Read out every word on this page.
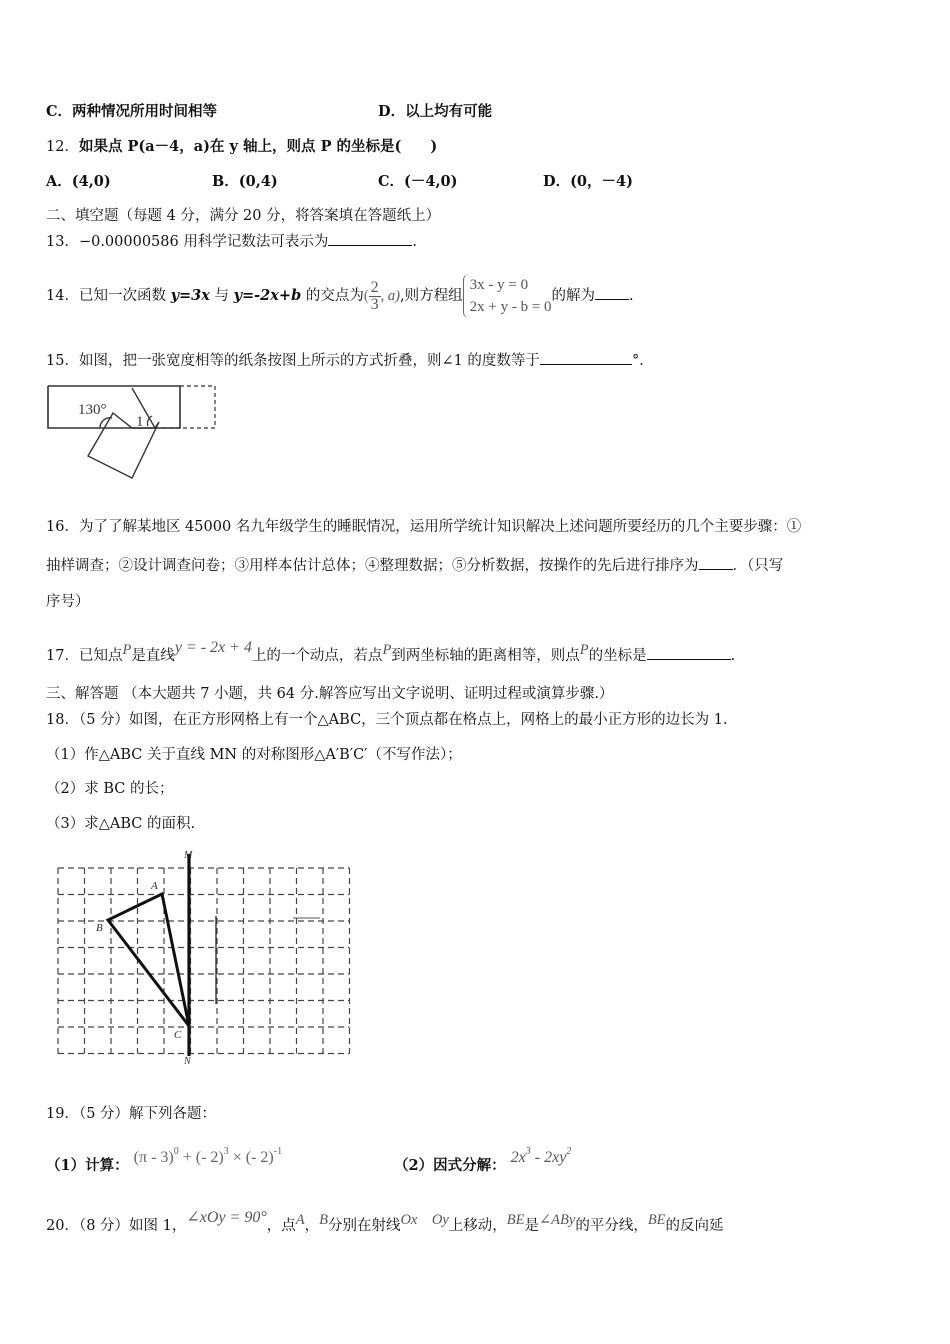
C．两种情况所用时间相等	D．以上均有可能
12．如果点 P(a－4，a)在 y 轴上，则点 P 的坐标是(　　)
A．(4,0)	B．(0,4)	C．(－4,0)	D．(0，－4)
二、填空题（每题 4 分，满分 20 分，将答案填在答题纸上）
13．−0.00000586 用科学记数法可表示为	.
14．已知一次函数 y=3x 与 y=-2x+b 的交点为( $\frac{2}{3}$ , a),则方程组
3x - y = 0
2x + y - b = 0
的解为 .
15．如图，把一张宽度相等的纸条按图上所示的方式折叠，则∠1 的度数等于	°．
130°
1
16．为了了解某地区 45000 名九年级学生的睡眠情况，运用所学统计知识解决上述问题所要经历的几个主要步骤：①
抽样调查；②设计调查问卷；③用样本估计总体；④整理数据；⑤分析数据，按操作的先后进行排序为 ．（只写
序号）
17．已知点P是直线y = - 2x + 4上的一个动点，若点P到两坐标轴的距离相等，则点P的坐标是	.
三、解答题 （本大题共 7 小题，共 64 分.解答应写出文字说明、证明过程或演算步骤.）
18．（5 分）如图，在正方形网格上有一个△ABC，三个顶点都在格点上，网格上的最小正方形的边长为 1.
（1）作△ABC 关于直线 MN 的对称图形△A′B′C′（不写作法）；
（2）求 BC 的长；
（3）求△ABC 的面积.
M
N
A
B
C
19．（5 分）解下列各题：
（1）计算： (π - 3)$^0$ + (- 2)$^3$ × (- 2)$^{-1}$
（2）因式分解： $2x^3 - 2xy^2$
20．（8 分）如图 1，∠xOy = 90°，点A，B分别在射线Ox　 Oy上移动，BE是∠ABy的平分线，BE的反向延
